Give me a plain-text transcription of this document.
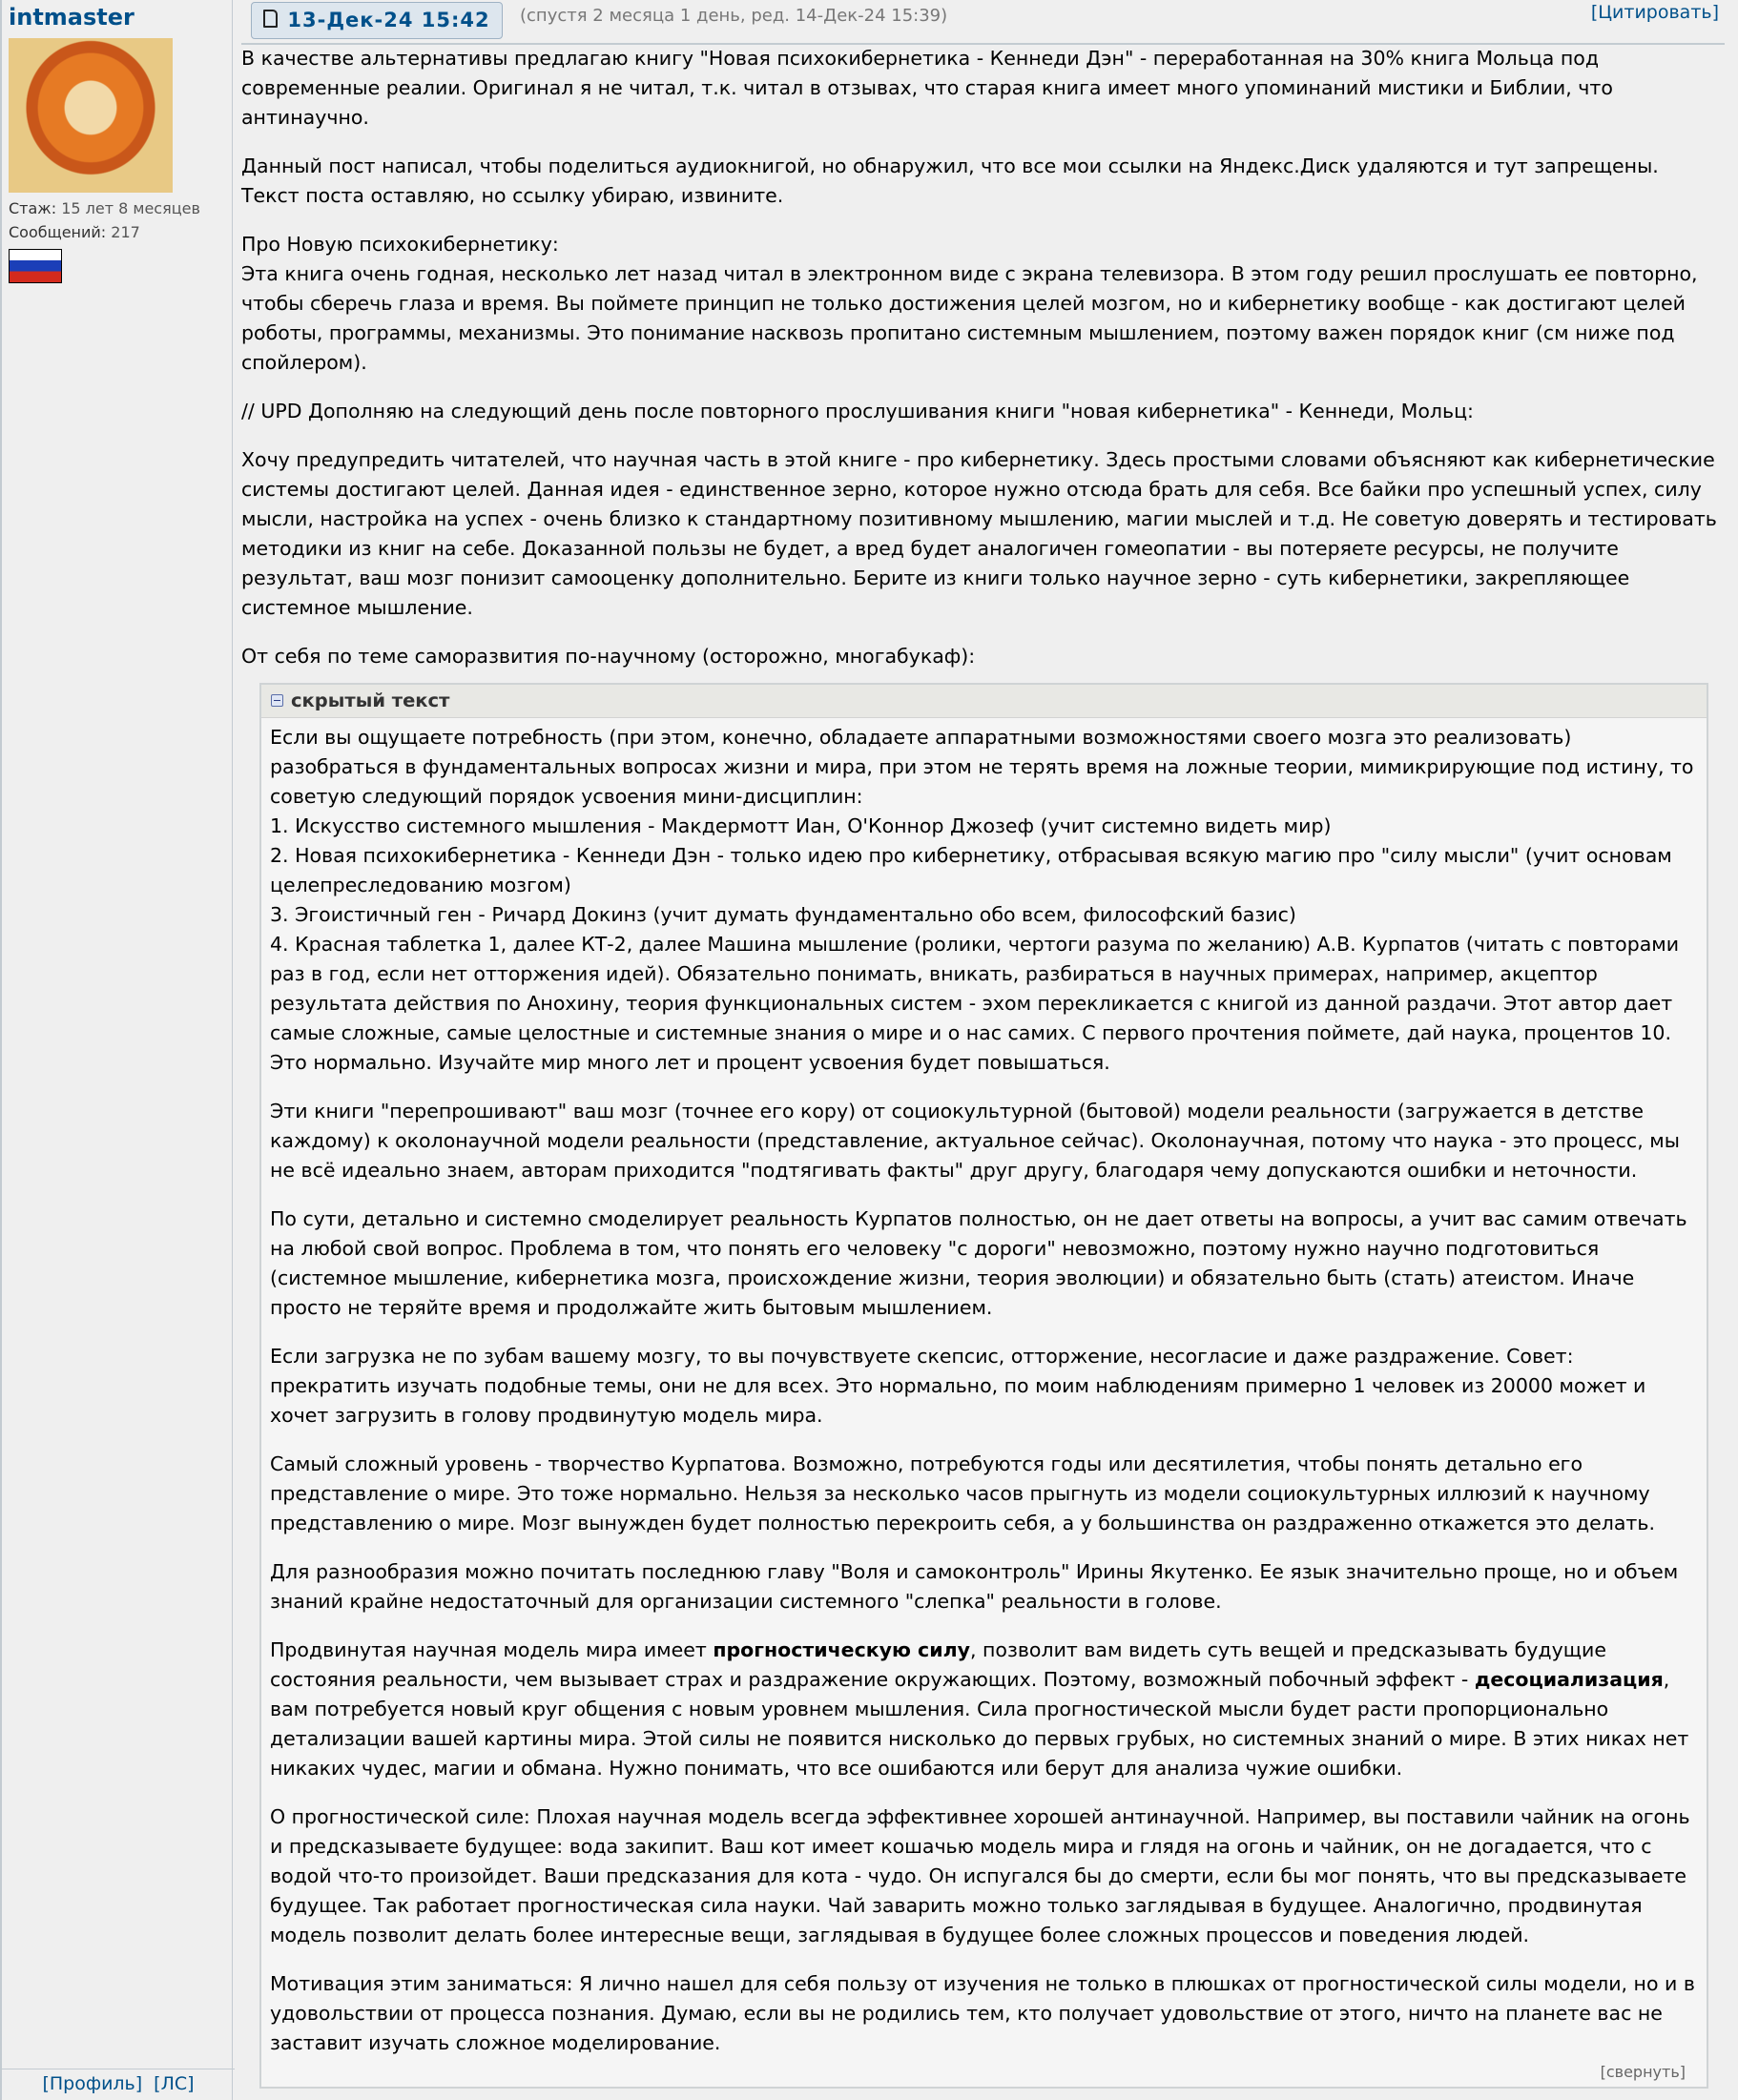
intmaster
Стаж: 15 лет 8 месяцев
Сообщений: 217
[Профиль] [ЛС]
13-Дек-24 15:42	(спустя 2 месяца 1 день, ред. 14-Дек-24 15:39)	[Цитировать]

В качестве альтернативы предлагаю книгу "Новая психокибернетика - Кеннеди Дэн" - переработанная на 30% книга Мольца под современные реалии. Оригинал я не читал, т.к. читал в отзывах, что старая книга имеет много упоминаний мистики и Библии, что антинаучно.

Данный пост написал, чтобы поделиться аудиокнигой, но обнаружил, что все мои ссылки на Яндекс.Диск удаляются и тут запрещены. Текст поста оставляю, но ссылку убираю, извините.

Про Новую психокибернетику:
Эта книга очень годная, несколько лет назад читал в электронном виде с экрана телевизора. В этом году решил прослушать ее повторно, чтобы сберечь глаза и время. Вы поймете принцип не только достижения целей мозгом, но и кибернетику вообще - как достигают целей роботы, программы, механизмы. Это понимание насквозь пропитано системным мышлением, поэтому важен порядок книг (см ниже под спойлером).

// UPD Дополняю на следующий день после повторного прослушивания книги "новая кибернетика" - Кеннеди, Мольц:

Хочу предупредить читателей, что научная часть в этой книге - про кибернетику. Здесь простыми словами объясняют как кибернетические системы достигают целей. Данная идея - единственное зерно, которое нужно отсюда брать для себя. Все байки про успешный успех, силу мысли, настройка на успех - очень близко к стандартному позитивному мышлению, магии мыслей и т.д. Не советую доверять и тестировать методики из книг на себе. Доказанной пользы не будет, а вред будет аналогичен гомеопатии - вы потеряете ресурсы, не получите результат, ваш мозг понизит самооценку дополнительно. Берите из книги только научное зерно - суть кибернетики, закрепляющее системное мышление.

От себя по теме саморазвития по-научному (осторожно, многабукаф):

скрытый текст

Если вы ощущаете потребность (при этом, конечно, обладаете аппаратными возможностями своего мозга это реализовать) разобраться в фундаментальных вопросах жизни и мира, при этом не терять время на ложные теории, мимикрирующие под истину, то советую следующий порядок усвоения мини-дисциплин:
1. Искусство системного мышления - Макдермотт Иан, О'Коннор Джозеф (учит системно видеть мир)
2. Новая психокибернетика - Кеннеди Дэн - только идею про кибернетику, отбрасывая всякую магию про "силу мысли" (учит основам целепреследованию мозгом)
3. Эгоистичный ген - Ричард Докинз (учит думать фундаментально обо всем, философский базис)
4. Красная таблетка 1, далее КТ-2, далее Машина мышление (ролики, чертоги разума по желанию) А.В. Курпатов (читать с повторами раз в год, если нет отторжения идей). Обязательно понимать, вникать, разбираться в научных примерах, например, акцептор результата действия по Анохину, теория функциональных систем - эхом перекликается с книгой из данной раздачи. Этот автор дает самые сложные, самые целостные и системные знания о мире и о нас самих. С первого прочтения поймете, дай наука, процентов 10. Это нормально. Изучайте мир много лет и процент усвоения будет повышаться.

Эти книги "перепрошивают" ваш мозг (точнее его кору) от социокультурной (бытовой) модели реальности (загружается в детстве каждому) к околонаучной модели реальности (представление, актуальное сейчас). Околонаучная, потому что наука - это процесс, мы не всё идеально знаем, авторам приходится "подтягивать факты" друг другу, благодаря чему допускаются ошибки и неточности.

По сути, детально и системно смоделирует реальность Курпатов полностью, он не дает ответы на вопросы, а учит вас самим отвечать на любой свой вопрос. Проблема в том, что понять его человеку "с дороги" невозможно, поэтому нужно научно подготовиться (системное мышление, кибернетика мозга, происхождение жизни, теория эволюции) и обязательно быть (стать) атеистом. Иначе просто не теряйте время и продолжайте жить бытовым мышлением.

Если загрузка не по зубам вашему мозгу, то вы почувствуете скепсис, отторжение, несогласие и даже раздражение. Совет: прекратить изучать подобные темы, они не для всех. Это нормально, по моим наблюдениям примерно 1 человек из 20000 может и хочет загрузить в голову продвинутую модель мира.

Самый сложный уровень - творчество Курпатова. Возможно, потребуются годы или десятилетия, чтобы понять детально его представление о мире. Это тоже нормально. Нельзя за несколько часов прыгнуть из модели социокультурных иллюзий к научному представлению о мире. Мозг вынужден будет полностью перекроить себя, а у большинства он раздраженно откажется это делать.

Для разнообразия можно почитать последнюю главу "Воля и самоконтроль" Ирины Якутенко. Ее язык значительно проще, но и объем знаний крайне недостаточный для организации системного "слепка" реальности в голове.

Продвинутая научная модель мира имеет прогностическую силу, позволит вам видеть суть вещей и предсказывать будущие состояния реальности, чем вызывает страх и раздражение окружающих. Поэтому, возможный побочный эффект - десоциализация, вам потребуется новый круг общения с новым уровнем мышления. Сила прогностической мысли будет расти пропорционально детализации вашей картины мира. Этой силы не появится нисколько до первых грубых, но системных знаний о мире. В этих никах нет никаких чудес, магии и обмана. Нужно понимать, что все ошибаются или берут для анализа чужие ошибки.

О прогностической силе: Плохая научная модель всегда эффективнее хорошей антинаучной. Например, вы поставили чайник на огонь и предсказываете будущее: вода закипит. Ваш кот имеет кошачью модель мира и глядя на огонь и чайник, он не догадается, что с водой что-то произойдет. Ваши предсказания для кота - чудо. Он испугался бы до смерти, если бы мог понять, что вы предсказываете будущее. Так работает прогностическая сила науки. Чай заварить можно только заглядывая в будущее. Аналогично, продвинутая модель позволит делать более интересные вещи, заглядывая в будущее более сложных процессов и поведения людей.

Мотивация этим заниматься: Я лично нашел для себя пользу от изучения не только в плюшках от прогностической силы модели, но и в удовольствии от процесса познания. Думаю, если вы не родились тем, кто получает удовольствие от этого, ничто на планете вас не заставит изучать сложное моделирование.

[свернуть]
